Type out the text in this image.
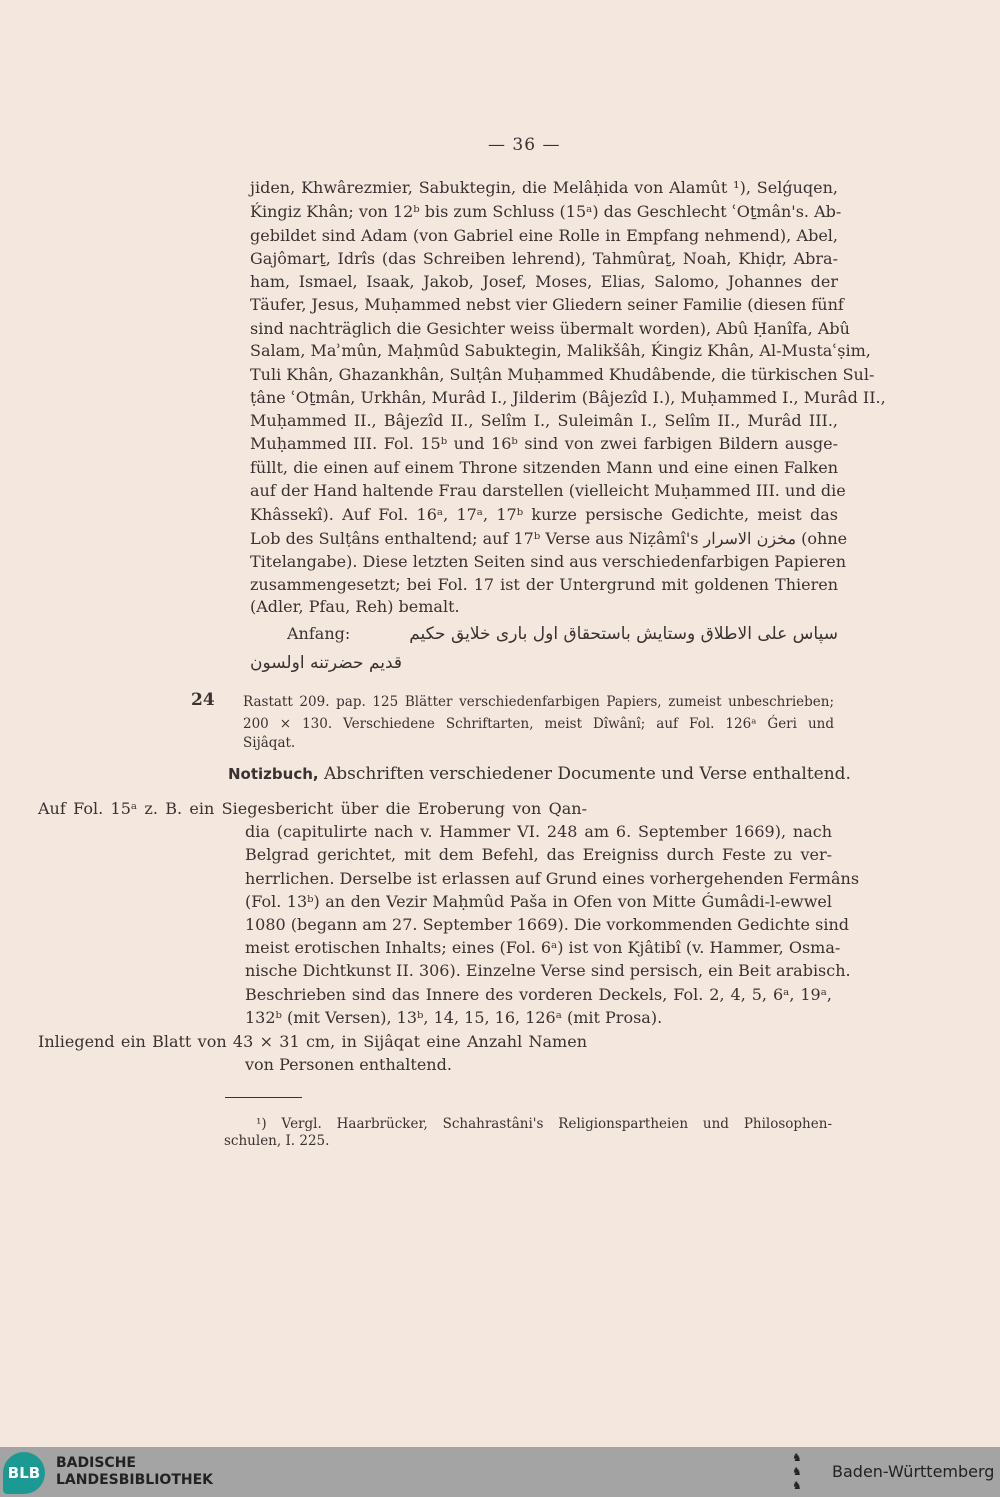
— 36 —
jiden, Khwârezmier, Sabuktegin, die Melâḥida von Alamût ¹), Selǵuqen,
Ḱingiz Khân; von 12ᵇ bis zum Schluss (15ᵃ) das Geschlecht ʿOṯmân's. Ab-
gebildet sind Adam (von Gabriel eine Rolle in Empfang nehmend), Abel,
Gajômarṯ, Idrîs (das Schreiben lehrend), Tahmûraṯ, Noah, Khiḍr, Abra-
ham, Ismael, Isaak, Jakob, Josef, Moses, Elias, Salomo, Johannes der
Täufer, Jesus, Muḥammed nebst vier Gliedern seiner Familie (diesen fünf
sind nachträglich die Gesichter weiss übermalt worden), Abû Ḥanîfa, Abû
Salam, Maʾmûn, Maḥmûd Sabuktegin, Malikšâh, Ḱingiz Khân, Al-Mustaʿṣim,
Tuli Khân, Ghazankhân, Sulṭân Muḥammed Khudâbende, die türkischen Sul-
ṭâne ʿOṯmân, Urkhân, Murâd I., Jilderim (Bâjezîd I.), Muḥammed I., Murâd II.,
Muḥammed II., Bâjezîd II., Selîm I., Suleimân I., Selîm II., Murâd III.,
Muḥammed III. Fol. 15ᵇ und 16ᵇ sind von zwei farbigen Bildern ausge-
füllt, die einen auf einem Throne sitzenden Mann und eine einen Falken
auf der Hand haltende Frau darstellen (vielleicht Muḥammed III. und die
Khâssekî). Auf Fol. 16ᵃ, 17ᵃ, 17ᵇ kurze persische Gedichte, meist das
Lob des Sulṭâns enthaltend; auf 17ᵇ Verse aus Niẓâmî's مخزن الاسرار (ohne
Titelangabe). Diese letzten Seiten sind aus verschiedenfarbigen Papieren
zusammengesetzt; bei Fol. 17 ist der Untergrund mit goldenen Thieren
(Adler, Pfau, Reh) bemalt.
Anfang:	سپاس على الاطلاق وستايش باستحقاق اول بارى خلايق حكيم
قديم حضرتنه اولسون
24 Rastatt 209. pap. 125 Blätter verschiedenfarbigen Papiers, zumeist unbeschrieben;
200 × 130. Verschiedene Schriftarten, meist Dîwânî; auf Fol. 126ᵃ Ǵeri und
Sijâqat.
Notizbuch, Abschriften verschiedener Documente und Verse enthaltend.
Auf Fol. 15ᵃ z. B. ein Siegesbericht über die Eroberung von Qan-
dia (capitulirte nach v. Hammer VI. 248 am 6. September 1669), nach
Belgrad gerichtet, mit dem Befehl, das Ereigniss durch Feste zu ver-
herrlichen. Derselbe ist erlassen auf Grund eines vorhergehenden Fermâns
(Fol. 13ᵇ) an den Vezir Maḥmûd Paša in Ofen von Mitte Ǵumâdi-l-ewwel
1080 (begann am 27. September 1669). Die vorkommenden Gedichte sind
meist erotischen Inhalts; eines (Fol. 6ᵃ) ist von Kjâtibî (v. Hammer, Osma-
nische Dichtkunst II. 306). Einzelne Verse sind persisch, ein Beit arabisch.
Beschrieben sind das Innere des vorderen Deckels, Fol. 2, 4, 5, 6ᵃ, 19ᵃ,
132ᵇ (mit Versen), 13ᵇ, 14, 15, 16, 126ᵃ (mit Prosa).
Inliegend ein Blatt von 43 × 31 cm, in Sijâqat eine Anzahl Namen
von Personen enthaltend.
¹) Vergl. Haarbrücker, Schahrastâni's Religionspartheien und Philosophen-
schulen, I. 225.
BLB
BADISCHE
LANDESBIBLIOTHEK
♞
♞
♞
Baden-Württemberg
